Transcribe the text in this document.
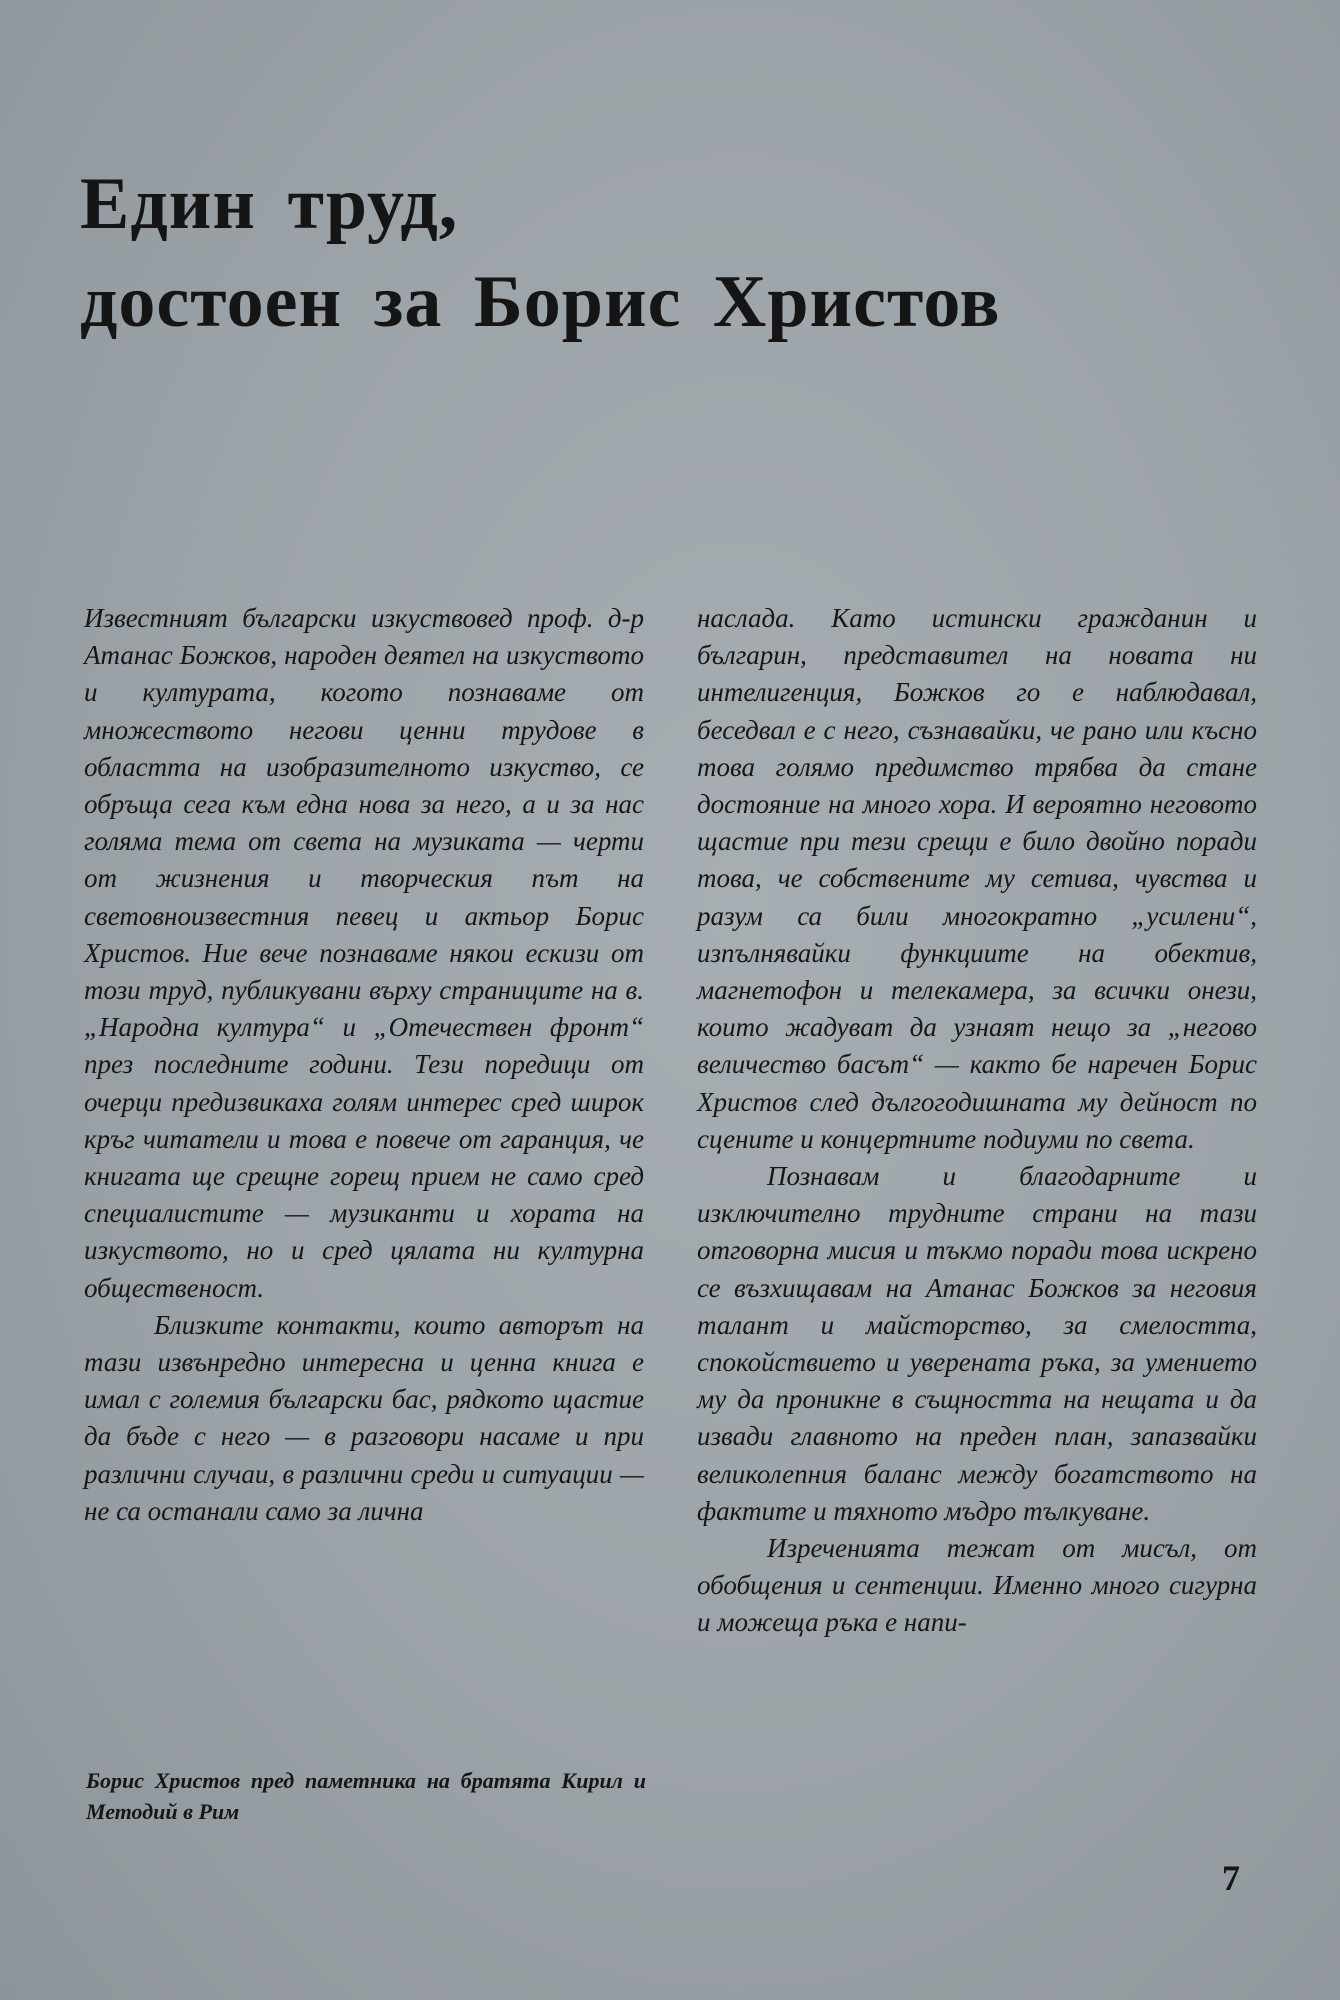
Един труд,
достоен за Борис Христов

Известният български изкуствовед проф. д-р Атанас Божков, народен деятел на изкуството и културата, когото познаваме от множеството негови ценни трудове в областта на изобразителното изкуство, се обръща сега към една нова за него, а и за нас голяма тема от света на музиката — черти от жизнения и творческия път на световноизвестния певец и актьор Борис Христов. Ние вече познаваме някои ескизи от този труд, публикувани върху страниците на в. „Народна култура“ и „Отечествен фронт“ през последните години. Тези поредици от очерци предизвикаха голям интерес сред широк кръг читатели и това е повече от гаранция, че книгата ще срещне горещ прием не само сред специалистите — музиканти и хората на изкуството, но и сред цялата ни културна общественост.

Близките контакти, които авторът на тази извънредно интересна и ценна книга е имал с големия български бас, рядкото щастие да бъде с него — в разговори насаме и при различни случаи, в различни среди и ситуации — не са останали само за лична

Борис Христов пред паметника на братята Кирил и Методий в Рим

наслада. Като истински гражданин и българин, представител на новата ни интелигенция, Божков го е наблюдавал, беседвал е с него, съзнавайки, че рано или късно това голямо предимство трябва да стане достояние на много хора. И вероятно неговото щастие при тези срещи е било двойно поради това, че собствените му сетива, чувства и разум са били многократно „усилени“, изпълнявайки функциите на обектив, магнетофон и телекамера, за всички онези, които жадуват да узнаят нещо за „негово величество басът“ — както бе наречен Борис Христов след дългогодишната му дейност по сцените и концертните подиуми по света.

Познавам и благодарните и изключително трудните страни на тази отговорна мисия и тъкмо поради това искрено се възхищавам на Атанас Божков за неговия талант и майсторство, за смелостта, спокойствието и уверената ръка, за умението му да проникне в същността на нещата и да извади главното на преден план, запазвайки великолепния баланс между богатството на фактите и тяхното мъдро тълкуване.

Изреченията тежат от мисъл, от обобщения и сентенции. Именно много сигурна и можеща ръка е напи-

7
